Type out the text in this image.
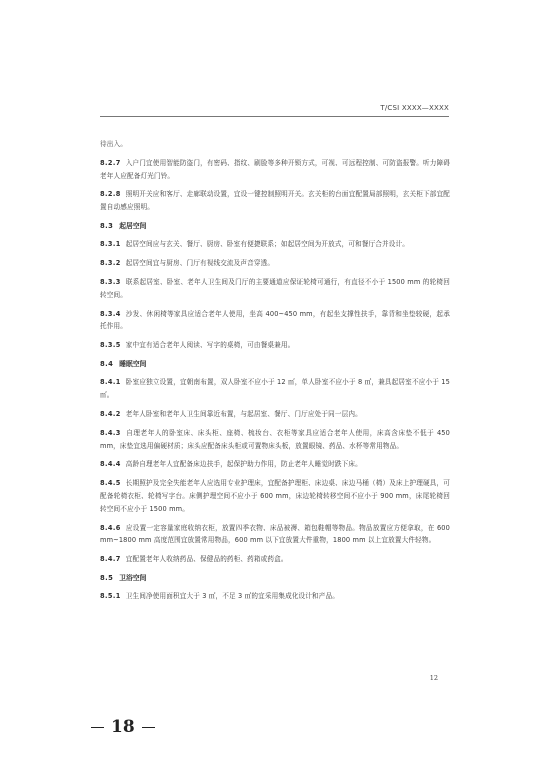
T/CSI XXXX—XXXX
待出入。
8.2.7 入户门宜使用智能防盗门，有密码、指纹、刷脸等多种开锁方式，可视、可远程控制、可防盗报警。听力障碍老年人应配备灯光门铃。
8.2.8 照明开关应和客厅、走廊联动设置，宜设一键控制照明开关。玄关柜的台面宜配置局部照明，玄关柜下部宜配置自动感应照明。
8.3 起居空间
8.3.1 起居空间应与玄关、餐厅、厨房、卧室有便捷联系；如起居空间为开放式，可和餐厅合并设计。
8.3.2 起居空间宜与厨房、门厅有视线交流及声音穿透。
8.3.3 联系起居室、卧室、老年人卫生间及门厅的主要通道应保证轮椅可通行，有直径不小于 1500 mm 的轮椅回转空间。
8.3.4 沙发、休闲椅等家具应适合老年人使用，坐高 400~450 mm，有起坐支撑性扶手，靠背和坐垫较硬，起承托作用。
8.3.5 家中宜有适合老年人阅读、写字的桌椅，可由餐桌兼用。
8.4 睡眠空间
8.4.1 卧室应独立设置，宜朝南布置，双人卧室不应小于 12 ㎡，单人卧室不应小于 8 ㎡，兼具起居室不应小于 15 ㎡。
8.4.2 老年人卧室和老年人卫生间靠近布置，与起居室、餐厅、门厅应处于同一层内。
8.4.3 自理老年人的卧室床、床头柜、座椅、梳妆台、衣柜等家具应适合老年人使用，床高含床垫不低于 450 mm，床垫宜选用偏硬材质；床头应配备床头柜或可置物床头板，放置眼镜、药品、水杯等常用物品。
8.4.4 高龄自理老年人宜配备床边扶手，起保护助力作用，防止老年人睡觉时跌下床。
8.4.5 长期照护及完全失能老年人应选用专业护理床，宜配备护理柜、床边桌、床边马桶（椅）及床上护理硬具，可配备轮椅衣柜、轮椅写字台。床侧护理空间不应小于 600 mm，床边轮椅转移空间不应小于 900 mm，床尾轮椅回转空间不应小于 1500 mm。
8.4.6 应设置一定容量家庭收纳衣柜，放置四季衣物、床品被褥、箱包鞋帽等物品。物品放置应方便拿取，在 600 mm~1800 mm 高度范围宜放置常用物品，600 mm 以下宜放置大件重物，1800 mm 以上宜放置大件轻物。
8.4.7 宜配置老年人收纳药品、保健品的药柜、药箱或药盒。
8.5 卫浴空间
8.5.1 卫生间净使用面积宜大于 3 ㎡，不足 3 ㎡的宜采用集成化设计和产品。
12
18
